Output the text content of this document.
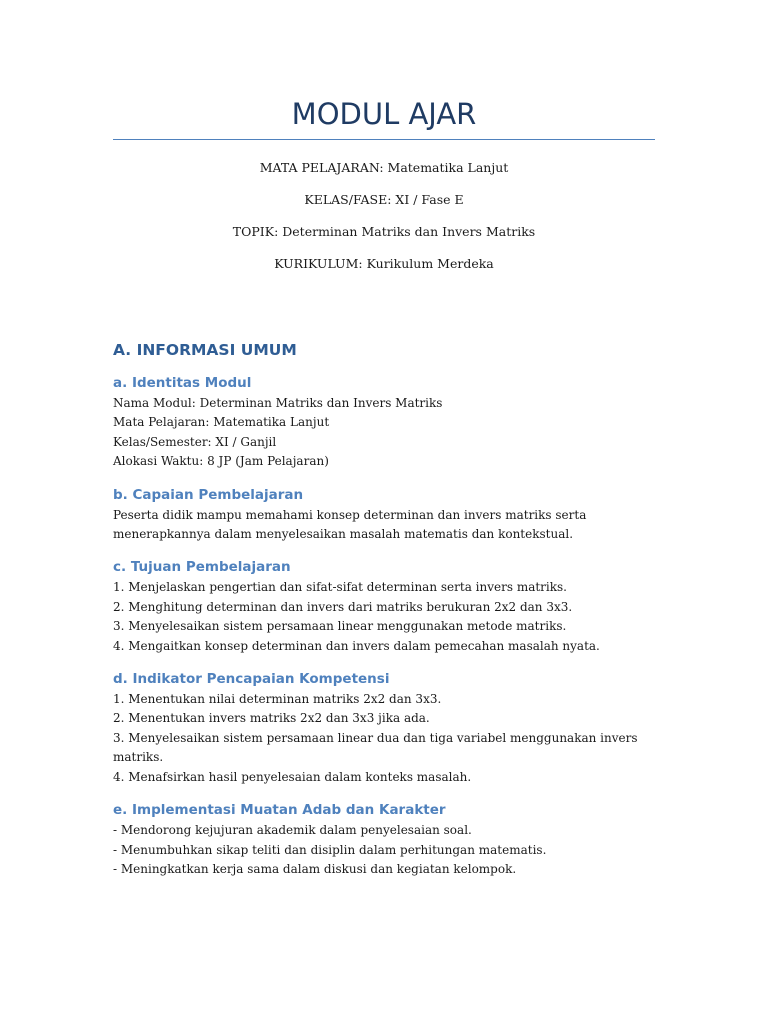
MODUL AJAR

MATA PELAJARAN: Matematika Lanjut

KELAS/FASE: XI / Fase E

TOPIK: Determinan Matriks dan Invers Matriks

KURIKULUM: Kurikulum Merdeka

A. INFORMASI UMUM
a. Identitas Modul

Nama Modul: Determinan Matriks dan Invers Matriks

Mata Pelajaran: Matematika Lanjut

Kelas/Semester: XI / Ganjil

Alokasi Waktu: 8 JP (Jam Pelajaran)

b. Capaian Pembelajaran

Peserta didik mampu memahami konsep determinan dan invers matriks serta

menerapkannya dalam menyelesaikan masalah matematis dan kontekstual.

c. Tujuan Pembelajaran

1. Menjelaskan pengertian dan sifat-sifat determinan serta invers matriks.

2. Menghitung determinan dan invers dari matriks berukuran 2x2 dan 3x3.

3. Menyelesaikan sistem persamaan linear menggunakan metode matriks.

4. Mengaitkan konsep determinan dan invers dalam pemecahan masalah nyata.

d. Indikator Pencapaian Kompetensi

1. Menentukan nilai determinan matriks 2x2 dan 3x3.

2. Menentukan invers matriks 2x2 dan 3x3 jika ada.

3. Menyelesaikan sistem persamaan linear dua dan tiga variabel menggunakan invers

matriks.

4. Menafsirkan hasil penyelesaian dalam konteks masalah.

e. Implementasi Muatan Adab dan Karakter

- Mendorong kejujuran akademik dalam penyelesaian soal.

- Menumbuhkan sikap teliti dan disiplin dalam perhitungan matematis.

- Meningkatkan kerja sama dalam diskusi dan kegiatan kelompok.
